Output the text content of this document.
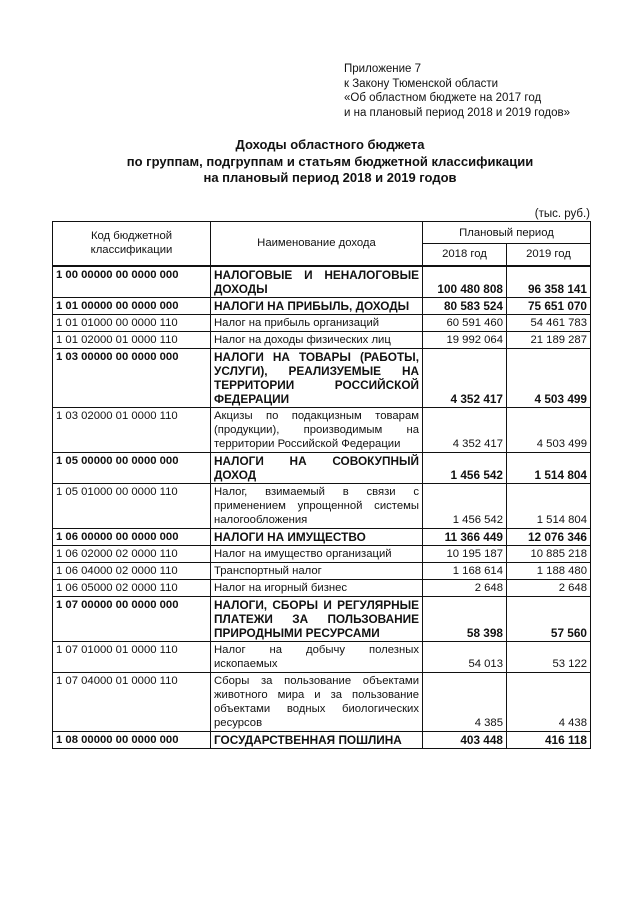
Приложение 7
к Закону Тюменской области
«Об областном бюджете на 2017 год
и на плановый период 2018 и 2019 годов»
Доходы областного бюджета
по группам, подгруппам и статьям бюджетной классификации
на плановый период 2018 и 2019 годов
(тыс. руб.)
Код бюджетной классификации	Наименование дохода	Плановый период	
		2018 год	2019 год
1 00 00000 00 0000 000	НАЛОГОВЫЕ И НЕНАЛОГОВЫЕ ДОХОДЫ	100 480 808	96 358 141
1 01 00000 00 0000 000	НАЛОГИ НА ПРИБЫЛЬ, ДОХОДЫ	80 583 524	75 651 070
1 01 01000 00 0000 110	Налог на прибыль организаций	60 591 460	54 461 783
1 01 02000 01 0000 110	Налог на доходы физических лиц	19 992 064	21 189 287
1 03 00000 00 0000 000	НАЛОГИ НА ТОВАРЫ (РАБОТЫ, УСЛУГИ), РЕАЛИЗУЕМЫЕ НА ТЕРРИТОРИИ РОССИЙСКОЙ ФЕДЕРАЦИИ	4 352 417	4 503 499
1 03 02000 01 0000 110	Акцизы по подакцизным товарам (продукции), производимым на территории Российской Федерации	4 352 417	4 503 499
1 05 00000 00 0000 000	НАЛОГИ НА СОВОКУПНЫЙ ДОХОД	1 456 542	1 514 804
1 05 01000 00 0000 110	Налог, взимаемый в связи с применением упрощенной системы налогообложения	1 456 542	1 514 804
1 06 00000 00 0000 000	НАЛОГИ НА ИМУЩЕСТВО	11 366 449	12 076 346
1 06 02000 02 0000 110	Налог на имущество организаций	10 195 187	10 885 218
1 06 04000 02 0000 110	Транспортный налог	1 168 614	1 188 480
1 06 05000 02 0000 110	Налог на игорный бизнес	2 648	2 648
1 07 00000 00 0000 000	НАЛОГИ, СБОРЫ И РЕГУЛЯРНЫЕ ПЛАТЕЖИ ЗА ПОЛЬЗОВАНИЕ ПРИРОДНЫМИ РЕСУРСАМИ	58 398	57 560
1 07 01000 01 0000 110	Налог на добычу полезных ископаемых	54 013	53 122
1 07 04000 01 0000 110	Сборы за пользование объектами животного мира и за пользование объектами водных биологических ресурсов	4 385	4 438
1 08 00000 00 0000 000	ГОСУДАРСТВЕННАЯ ПОШЛИНА	403 448	416 118
